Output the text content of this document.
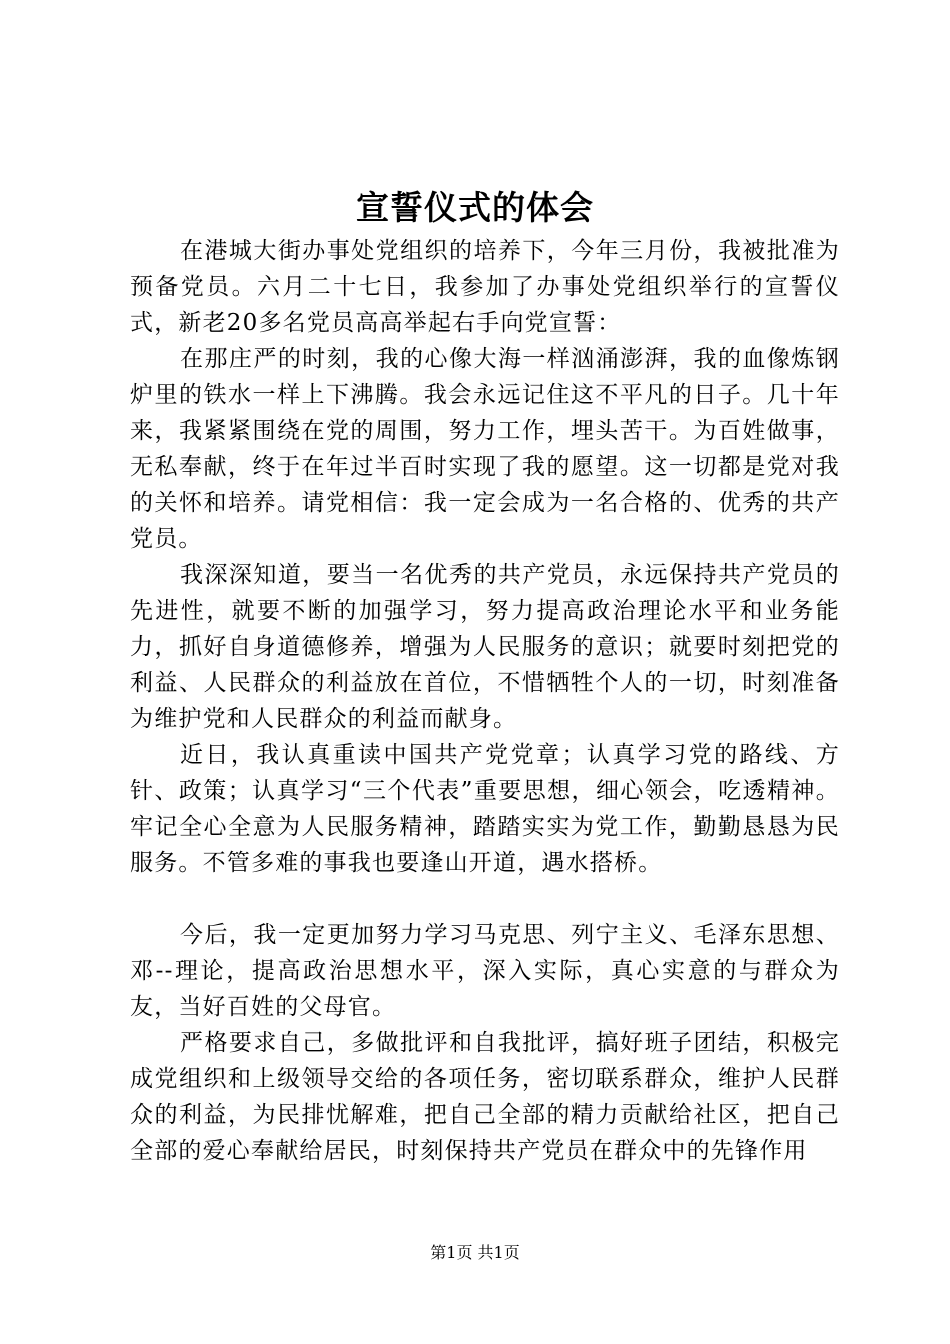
宣誓仪式的体会

在港城大街办事处党组织的培养下，今年三月份，我被批准为预备党员。六月二十七日，我参加了办事处党组织举行的宣誓仪式，新老20多名党员高高举起右手向党宣誓：

在那庄严的时刻，我的心像大海一样汹涌澎湃，我的血像炼钢炉里的铁水一样上下沸腾。我会永远记住这不平凡的日子。几十年来，我紧紧围绕在党的周围，努力工作，埋头苦干。为百姓做事，无私奉献，终于在年过半百时实现了我的愿望。这一切都是党对我的关怀和培养。请党相信：我一定会成为一名合格的、优秀的共产党员。

我深深知道，要当一名优秀的共产党员，永远保持共产党员的先进性，就要不断的加强学习，努力提高政治理论水平和业务能力，抓好自身道德修养，增强为人民服务的意识；就要时刻把党的利益、人民群众的利益放在首位，不惜牺牲个人的一切，时刻准备为维护党和人民群众的利益而献身。

近日，我认真重读中国共产党党章；认真学习党的路线、方针、政策；认真学习“三个代表”重要思想，细心领会，吃透精神。牢记全心全意为人民服务精神，踏踏实实为党工作，勤勤恳恳为民服务。不管多难的事我也要逢山开道，遇水搭桥。

今后，我一定更加努力学习马克思、列宁主义、毛泽东思想、邓--理论，提高政治思想水平，深入实际，真心实意的与群众为友，当好百姓的父母官。

严格要求自己，多做批评和自我批评，搞好班子团结，积极完成党组织和上级领导交给的各项任务，密切联系群众，维护人民群众的利益，为民排忧解难，把自己全部的精力贡献给社区，把自己全部的爱心奉献给居民，时刻保持共产党员在群众中的先锋作用

第1页 共1页
